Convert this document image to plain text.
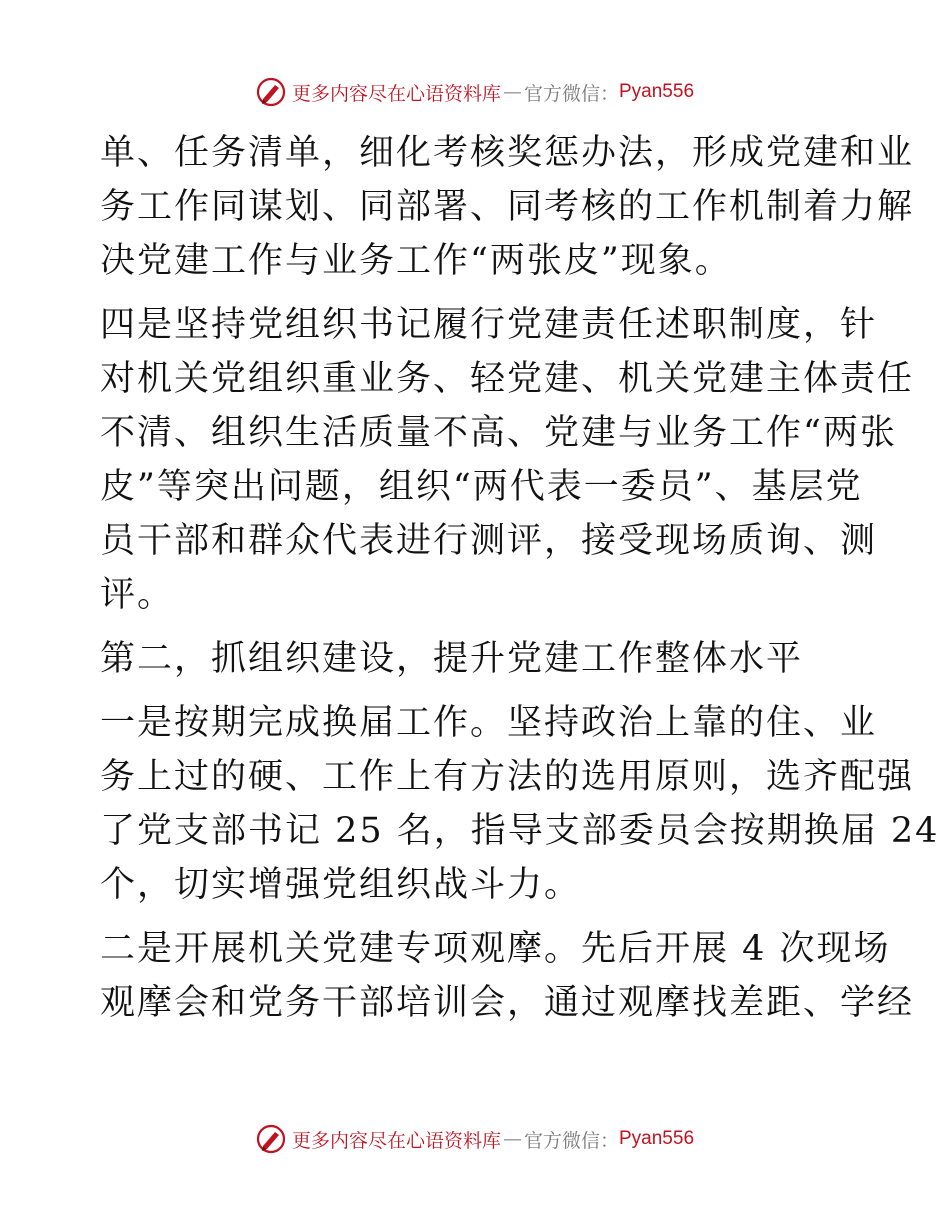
更多内容尽在心语资料库 — 官方微信： Pyan556

单、任务清单，细化考核奖惩办法，形成党建和业
务工作同谋划、同部署、同考核的工作机制着力解
决党建工作与业务工作“两张皮”现象。

四是坚持党组织书记履行党建责任述职制度，针
对机关党组织重业务、轻党建、机关党建主体责任
不清、组织生活质量不高、党建与业务工作“两张
皮”等突出问题，组织“两代表一委员”、基层党
员干部和群众代表进行测评，接受现场质询、测
评。

第二，抓组织建设，提升党建工作整体水平

一是按期完成换届工作。坚持政治上靠的住、业
务上过的硬、工作上有方法的选用原则，选齐配强
了党支部书记 25 名，指导支部委员会按期换届 24
个，切实增强党组织战斗力。

二是开展机关党建专项观摩。先后开展 4 次现场
观摩会和党务干部培训会，通过观摩找差距、学经

更多内容尽在心语资料库 — 官方微信： Pyan556
